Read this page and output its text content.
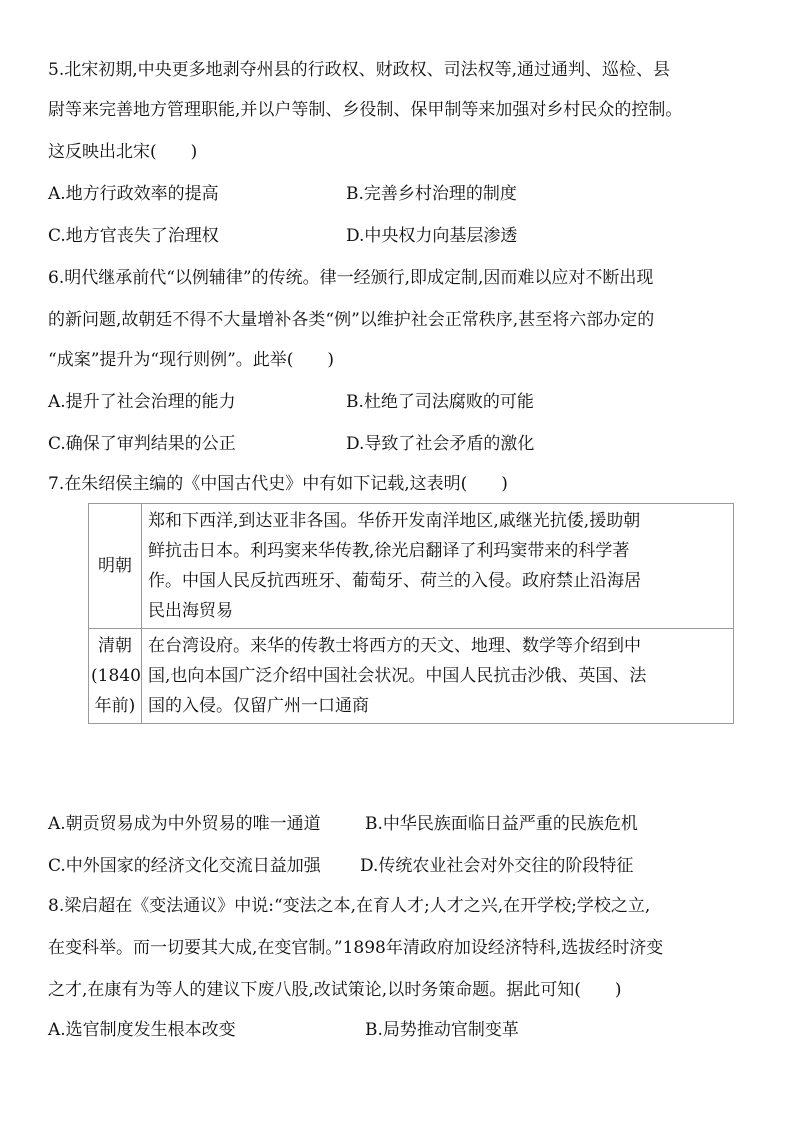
5.北宋初期,中央更多地剥夺州县的行政权、财政权、司法权等,通过通判、巡检、县
尉等来完善地方管理职能,并以户等制、乡役制、保甲制等来加强对乡村民众的控制。
这反映出北宋(　　)
A.地方行政效率的提高	B.完善乡村治理的制度
C.地方官丧失了治理权	D.中央权力向基层渗透
6.明代继承前代“以例辅律”的传统。律一经颁行,即成定制,因而难以应对不断出现
的新问题,故朝廷不得不大量增补各类“例”以维护社会正常秩序,甚至将六部办定的
“成案”提升为“现行则例”。此举(　　)
A.提升了社会治理的能力	B.杜绝了司法腐败的可能
C.确保了审判结果的公正	D.导致了社会矛盾的激化
7.在朱绍侯主编的《中国古代史》中有如下记载,这表明(　　)
明朝	郑和下西洋,到达亚非各国。华侨开发南洋地区,戚继光抗倭,援助朝
鲜抗击日本。利玛窦来华传教,徐光启翻译了利玛窦带来的科学著
作。中国人民反抗西班牙、葡萄牙、荷兰的入侵。政府禁止沿海居
民出海贸易

清朝
(1840
年前)	在台湾设府。来华的传教士将西方的天文、地理、数学等介绍到中
国,也向本国广泛介绍中国社会状况。中国人民抗击沙俄、英国、法
国的入侵。仅留广州一口通商
A.朝贡贸易成为中外贸易的唯一通道	B.中华民族面临日益严重的民族危机
C.中外国家的经济文化交流日益加强 D.传统农业社会对外交往的阶段特征
8.梁启超在《变法通议》中说:“变法之本,在育人才;人才之兴,在开学校;学校之立,
在变科举。而一切要其大成,在变官制。”1898年清政府加设经济特科,选拔经时济变
之才,在康有为等人的建议下废八股,改试策论,以时务策命题。据此可知(　　)
A.选官制度发生根本改变	B.局势推动官制变革
